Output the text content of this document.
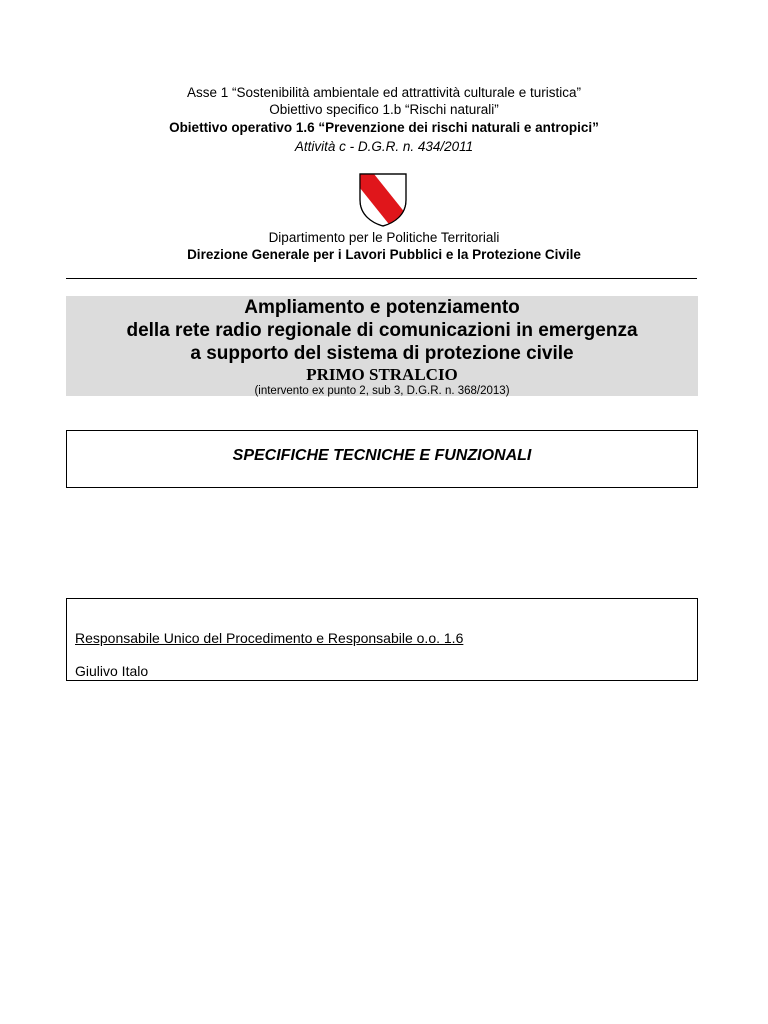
Asse 1 “Sostenibilità ambientale ed attrattività culturale e turistica”
Obiettivo specifico 1.b “Rischi naturali”
Obiettivo operativo 1.6 “Prevenzione dei rischi naturali e antropici”
Attività c - D.G.R. n. 434/2011
Dipartimento per le Politiche Territoriali
Direzione Generale per i Lavori Pubblici e la Protezione Civile
Ampliamento e potenziamento
della rete radio regionale di comunicazioni in emergenza
a supporto del sistema di protezione civile
PRIMO STRALCIO
(intervento ex punto 2, sub 3, D.G.R. n. 368/2013)
SPECIFICHE TECNICHE E FUNZIONALI
Responsabile Unico del Procedimento e Responsabile o.o. 1.6
Giulivo Italo
